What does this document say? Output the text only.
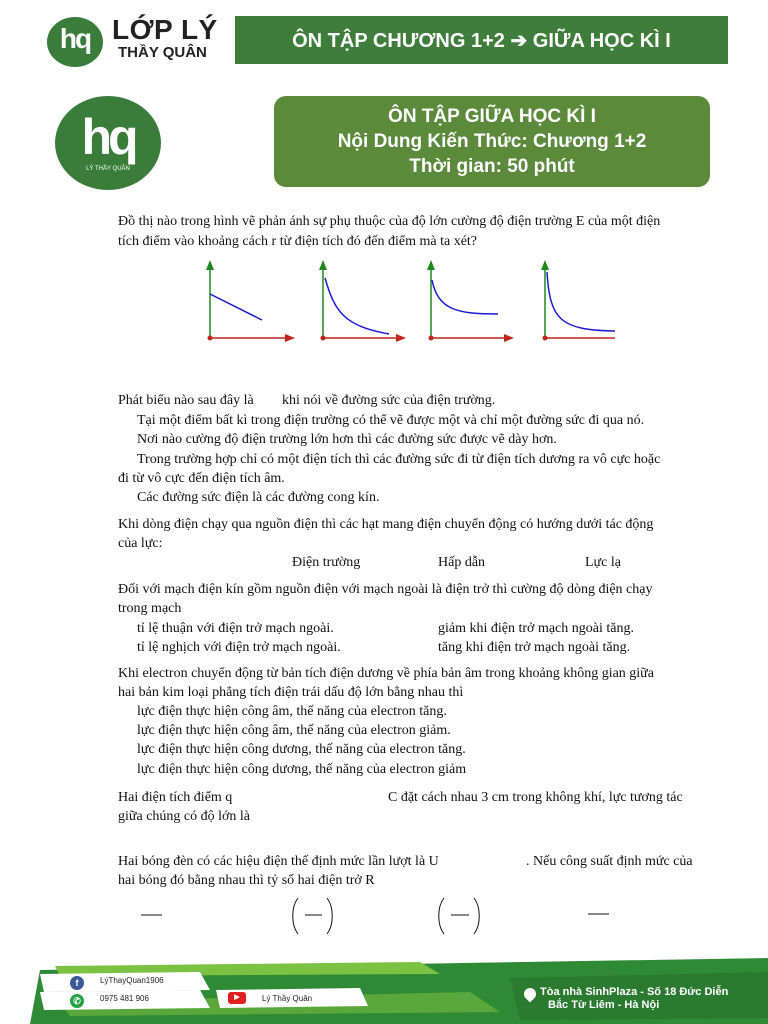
hq LỚP LÝ
THẦY QUÂN
ÔN TẬP CHƯƠNG 1+2 ➔ GIỮA HỌC KÌ I
hq
LÝ THẦY QUÂN
ÔN TẬP GIỮA HỌC KÌ I
Nội Dung Kiến Thức: Chương 1+2
Thời gian: 50 phút
Đồ thị nào trong hình vẽ phản ánh sự phụ thuộc của độ lớn cường độ điện trường E của một điện
tích điểm vào khoảng cách r từ điện tích đó đến điểm mà ta xét?
Phát biểu nào sau đây là khi nói về đường sức của điện trường.
Tại một điểm bất kì trong điện trường có thể vẽ được một và chỉ một đường sức đi qua nó.
Nơi nào cường độ điện trường lớn hơn thì các đường sức được vẽ dày hơn.
Trong trường hợp chỉ có một điện tích thì các đường sức đi từ điện tích dương ra vô cực hoặc
đi từ vô cực đến điện tích âm.
Các đường sức điện là các đường cong kín.
Khi dòng điện chạy qua nguồn điện thì các hạt mang điện chuyển động có hướng dưới tác động
của lực:
Điện trường	Hấp dẫn	Lực lạ
Đối với mạch điện kín gồm nguồn điện với mạch ngoài là điện trở thì cường độ dòng điện chạy
trong mạch
tỉ lệ thuận với điện trở mạch ngoài.	giảm khi điện trở mạch ngoài tăng.
tỉ lệ nghịch với điện trở mạch ngoài.	tăng khi điện trở mạch ngoài tăng.
Khi electron chuyển động từ bản tích điện dương về phía bản âm trong khoảng không gian giữa
hai bản kim loại phẳng tích điện trái dấu độ lớn bằng nhau thì
lực điện thực hiện công âm, thế năng của electron tăng.
lực điện thực hiện công âm, thế năng của electron giảm.
lực điện thực hiện công dương, thế năng của electron tăng.
lực điện thực hiện công dương, thế năng của electron giảm
Hai điện tích điểm q	C đặt cách nhau 3 cm trong không khí, lực tương tác
giữa chúng có độ lớn là
Hai bóng đèn có các hiệu điện thế định mức lần lượt là U	. Nếu công suất định mức của
hai bóng đó bằng nhau thì tỷ số hai điện trở R
f	LýThayQuan1906
✆	0975 481 906	▶	Lý Thầy Quân
Tòa nhà SinhPlaza - Số 18 Đức Diễn
Bắc Từ Liêm - Hà Nội
